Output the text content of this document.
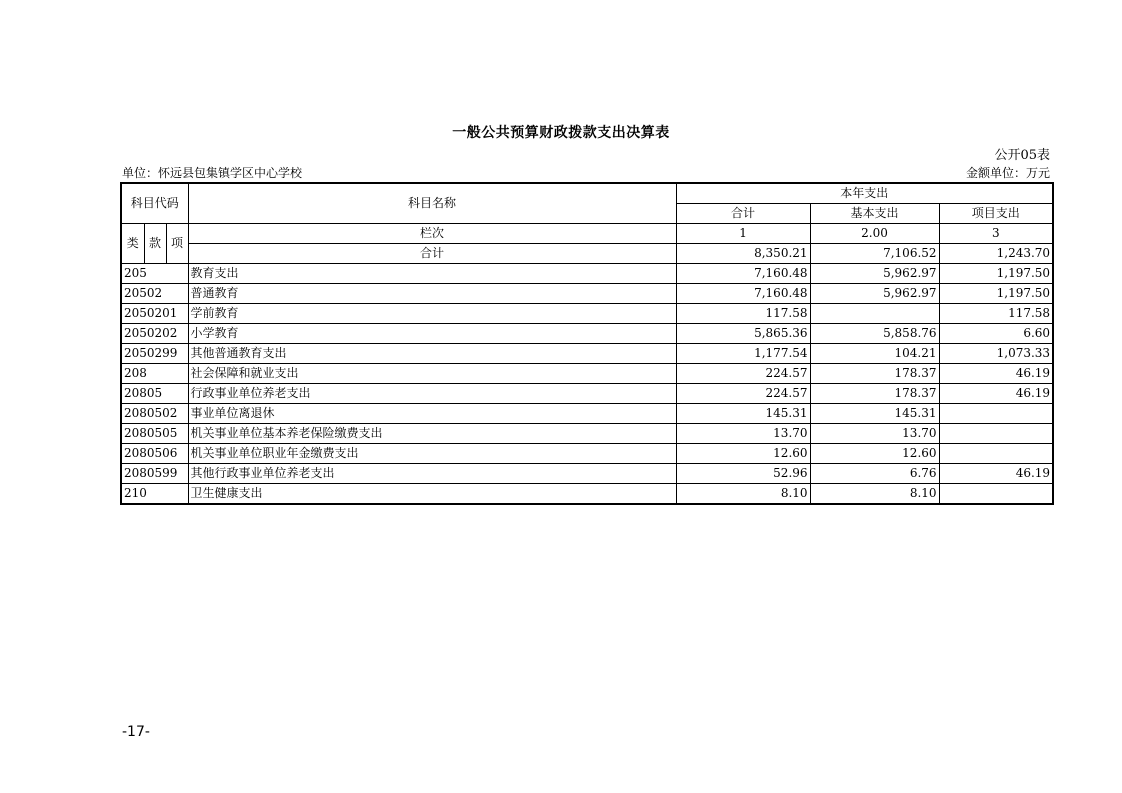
一般公共预算财政拨款支出决算表
公开05表
单位：怀远县包集镇学区中心学校	金额单位：万元
科目代码			科目名称	本年支出		
				合计	基本支出	项目支出
类	款	项	栏次	1	2.00	3
			合计	8,350.21	7,106.52	1,243.70
205			教育支出	7,160.48	5,962.97	1,197.50
20502			普通教育	7,160.48	5,962.97	1,197.50
2050201			学前教育	117.58		117.58
2050202			小学教育	5,865.36	5,858.76	6.60
2050299			其他普通教育支出	1,177.54	104.21	1,073.33
208			社会保障和就业支出	224.57	178.37	46.19
20805			行政事业单位养老支出	224.57	178.37	46.19
2080502			事业单位离退休	145.31	145.31	
2080505			机关事业单位基本养老保险缴费支出	13.70	13.70	
2080506			机关事业单位职业年金缴费支出	12.60	12.60	
2080599			其他行政事业单位养老支出	52.96	6.76	46.19
210			卫生健康支出	8.10	8.10	
-17-
